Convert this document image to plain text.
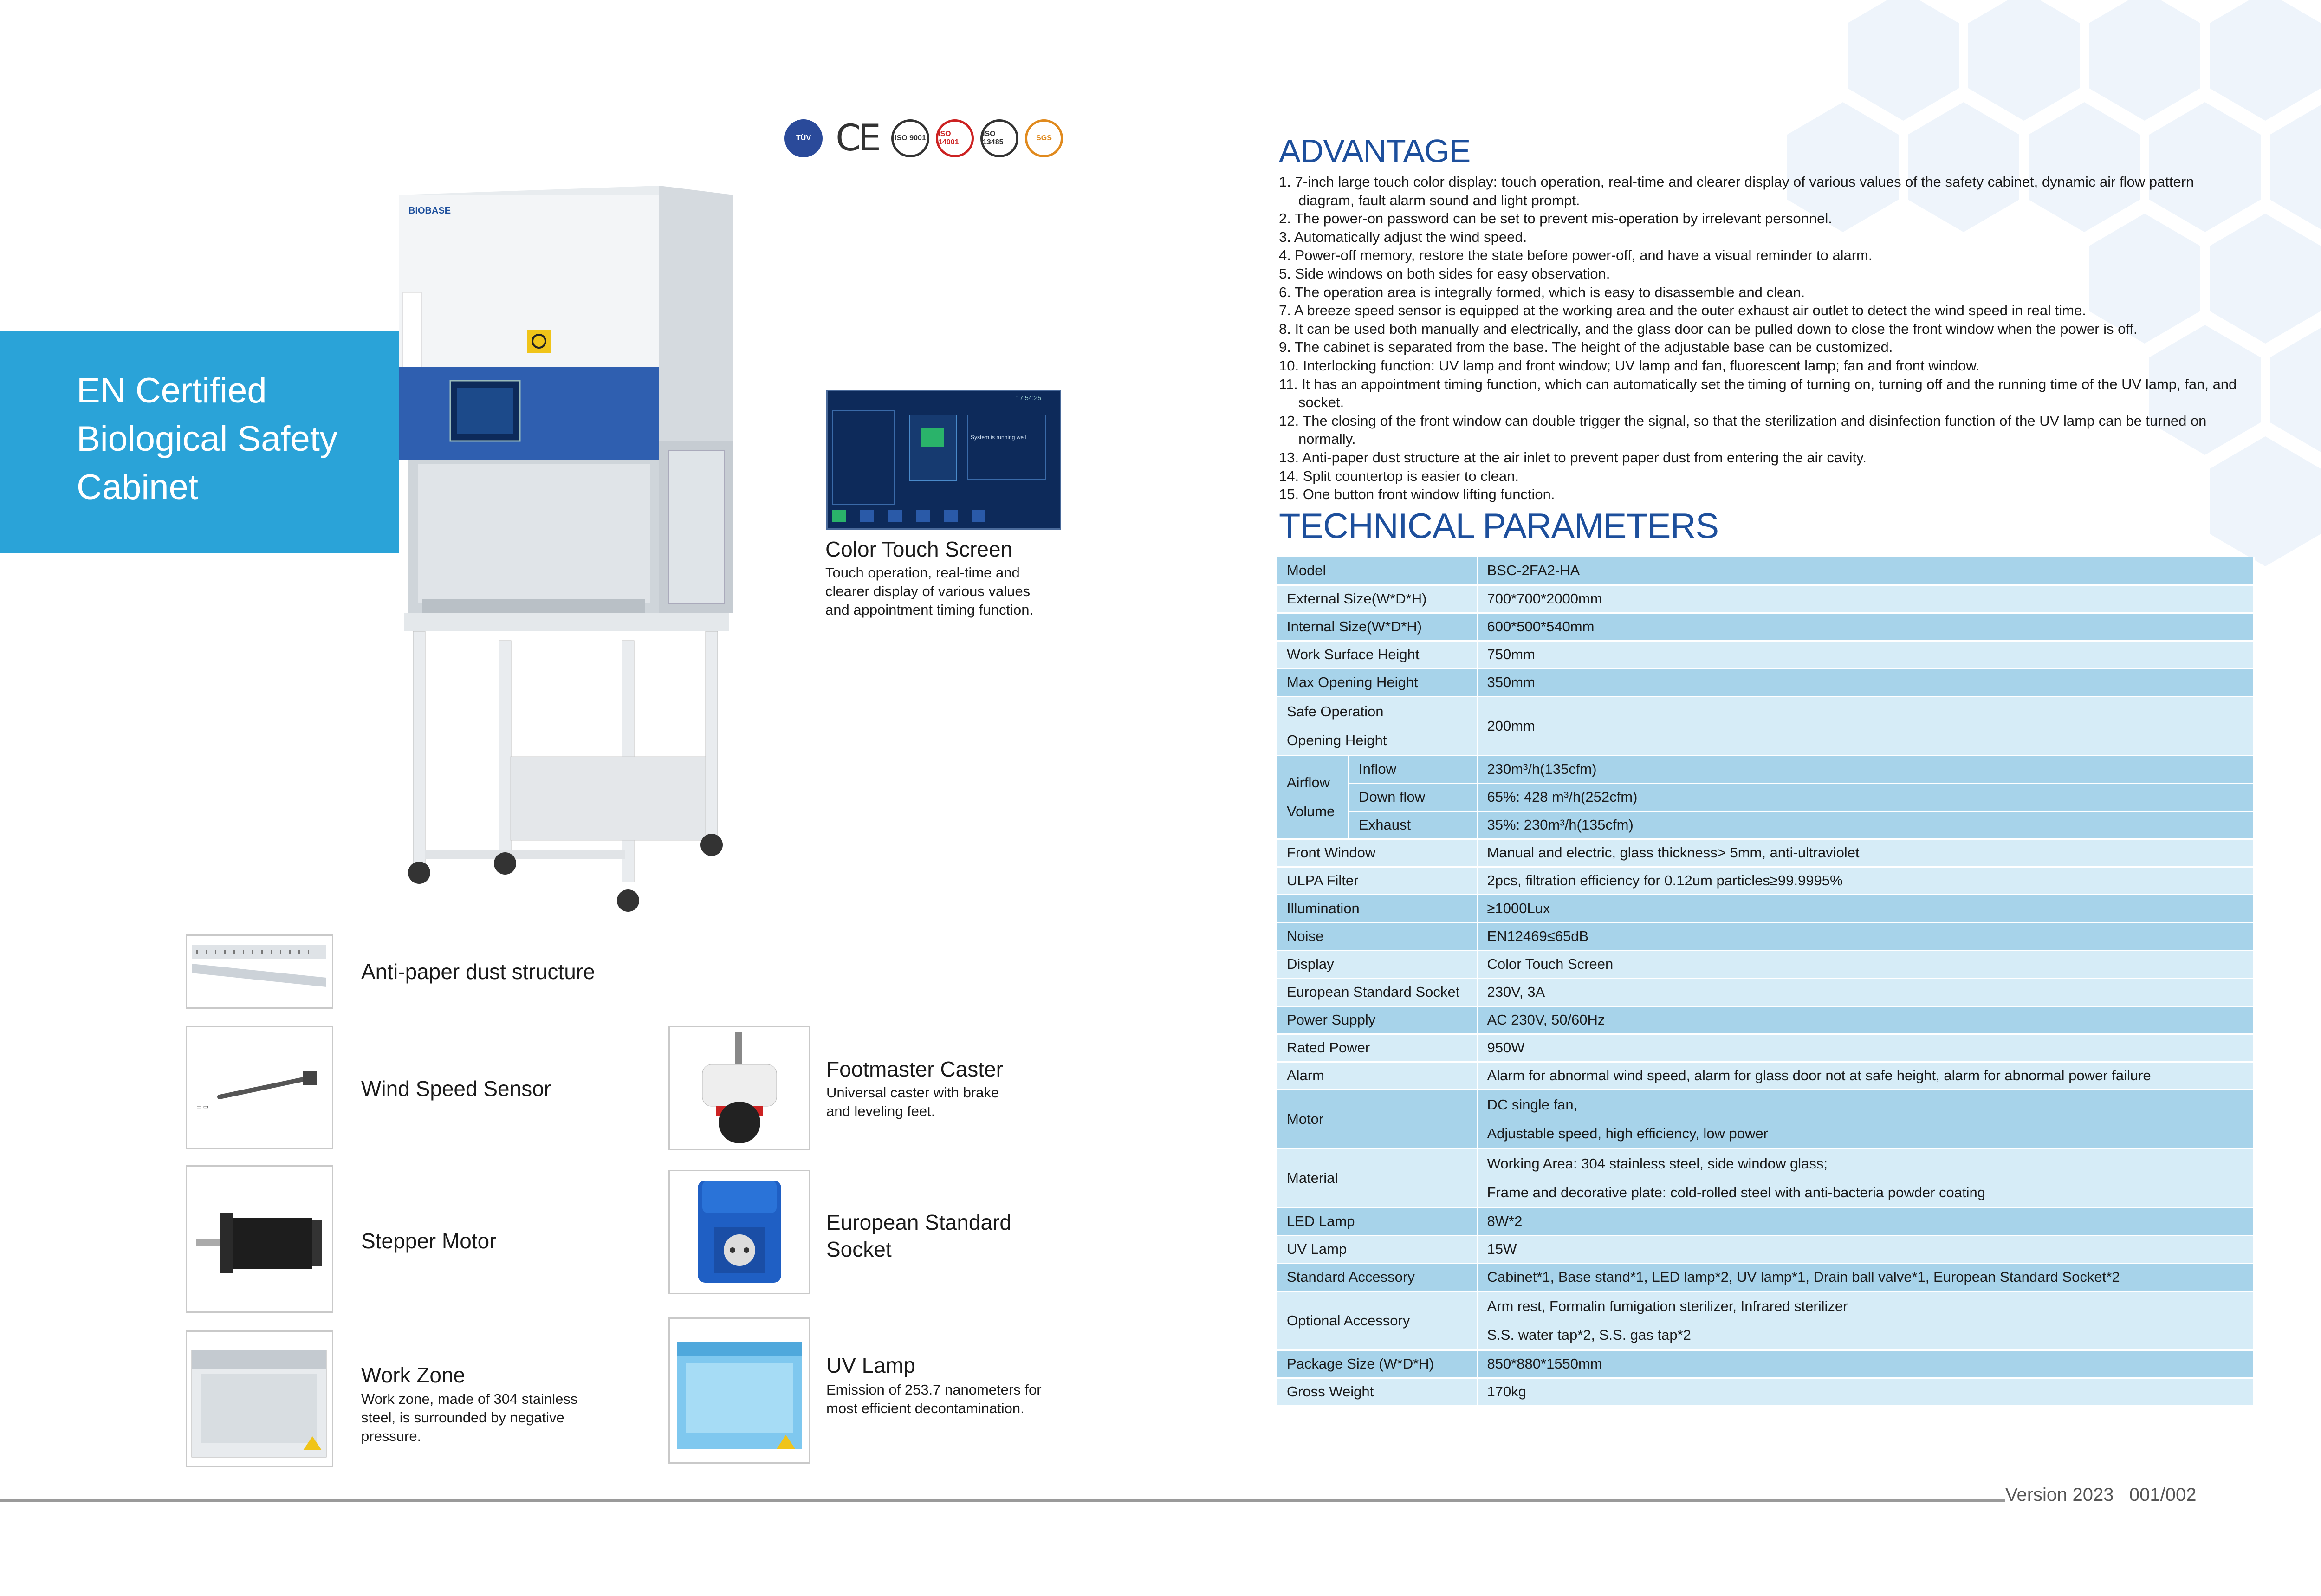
TÜV CE	ISO 9001
ISO 14001
ISO 13485
SGS
BIOBASE
EN Certified
Biological Safety
Cabinet
17:54:25
System is running well
Color Touch Screen
Touch operation, real-time and
clearer display of various values
and appointment timing function.
Anti-paper dust structure
▭ ▭
Wind Speed Sensor
Stepper Motor
Work Zone
Work zone, made of 304 stainless
steel, is surrounded by negative
pressure.
Footmaster Caster
Universal caster with brake
and leveling feet.
European Standard
Socket
UV Lamp
Emission of 253.7 nanometers for
most efficient decontamination.
ADVANTAGE
1. 7-inch large touch color display: touch operation, real-time and clearer display of various values of the safety cabinet, dynamic air flow pattern diagram, fault alarm sound and light prompt.
2. The power-on password can be set to prevent mis-operation by irrelevant personnel.
3. Automatically adjust the wind speed.
4. Power-off memory, restore the state before power-off, and have a visual reminder to alarm.
5. Side windows on both sides for easy observation.
6. The operation area is integrally formed, which is easy to disassemble and clean.
7. A breeze speed sensor is equipped at the working area and the outer exhaust air outlet to detect the wind speed in real time.
8. It can be used both manually and electrically, and the glass door can be pulled down to close the front window when the power is off.
9. The cabinet is separated from the base. The height of the adjustable base can be customized.
10. Interlocking function: UV lamp and front window; UV lamp and fan, fluorescent lamp; fan and front window.
11. It has an appointment timing function, which can automatically set the timing of turning on, turning off and the running time of the UV lamp, fan, and socket.
12. The closing of the front window can double trigger the signal, so that the sterilization and disinfection function of the UV lamp can be turned on normally.
13. Anti-paper dust structure at the air inlet to prevent paper dust from entering the air cavity.
14. Split countertop is easier to clean.
15. One button front window lifting function.
TECHNICAL PARAMETERS
Model		BSC-2FA2-HA
External Size(W*D*H)		700*700*2000mm
Internal Size(W*D*H)		600*500*540mm
Work Surface Height		750mm
Max Opening Height		350mm

Safe Operation
Opening Height		200mm

Airflow
Volume	Inflow	230m³/h(135cfm)
	Down flow	65%: 428 m³/h(252cfm)
	Exhaust	35%: 230m³/h(135cfm)
Front Window		Manual and electric, glass thickness> 5mm, anti-ultraviolet
ULPA Filter		2pcs, filtration efficiency for 0.12um particles≥99.9995%
Illumination		≥1000Lux
Noise		EN12469≤65dB
Display		Color Touch Screen
European Standard Socket		230V, 3A
Power Supply		AC 230V, 50/60Hz
Rated Power		950W
Alarm		Alarm for abnormal wind speed, alarm for glass door not at safe height, alarm for abnormal power failure
Motor		DC single fan,
Adjustable speed, high efficiency, low power

Material		Working Area: 304 stainless steel, side window glass;
Frame and decorative plate: cold-rolled steel with anti-bacteria powder coating

LED Lamp		8W*2
UV Lamp		15W
Standard Accessory		Cabinet*1, Base stand*1, LED lamp*2, UV lamp*1, Drain ball valve*1, European Standard Socket*2
Optional Accessory		Arm rest, Formalin fumigation sterilizer, Infrared sterilizer
S.S. water tap*2, S.S. gas tap*2

Package Size (W*D*H)		850*880*1550mm
Gross Weight		170kg
Version 2023 001/002
